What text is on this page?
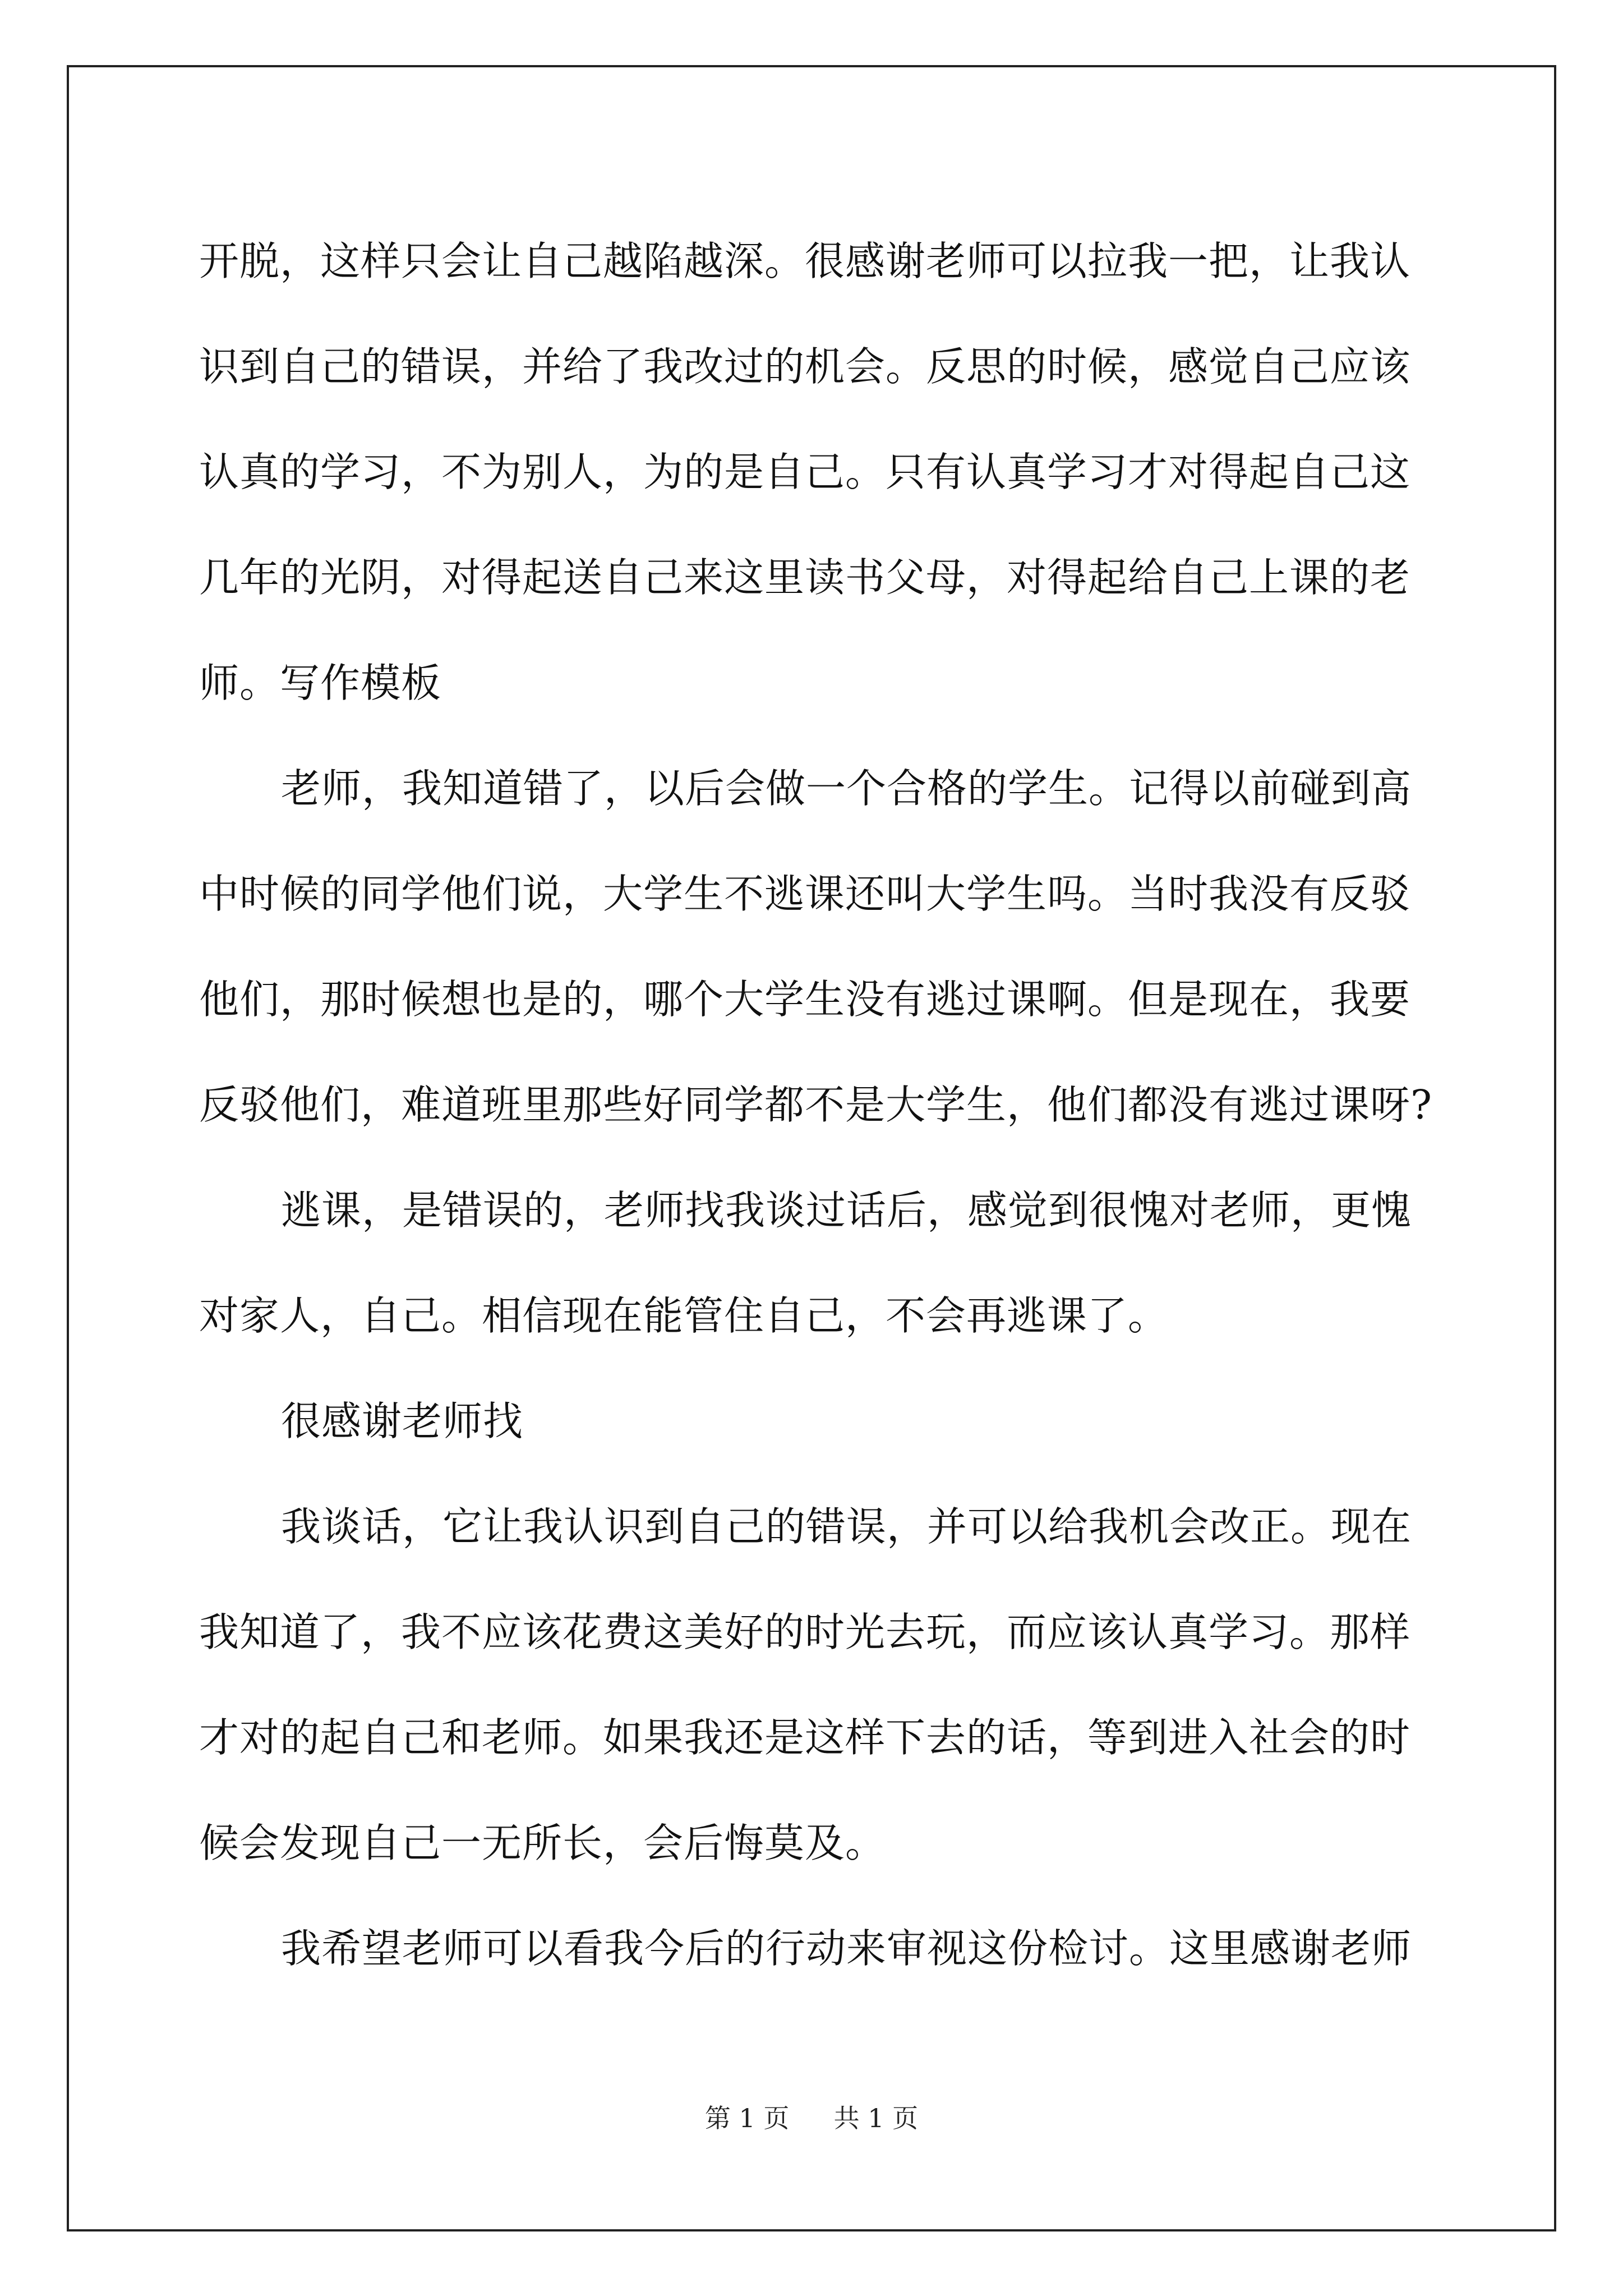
开脱，这样只会让自己越陷越深。很感谢老师可以拉我一把，让我认识到自己的错误，并给了我改过的机会。反思的时候，感觉自己应该认真的学习，不为别人，为的是自己。只有认真学习才对得起自己这几年的光阴，对得起送自己来这里读书父母，对得起给自己上课的老师。写作模板

老师，我知道错了，以后会做一个合格的学生。记得以前碰到高中时候的同学他们说，大学生不逃课还叫大学生吗。当时我没有反驳他们，那时候想也是的，哪个大学生没有逃过课啊。但是现在，我要反驳他们，难道班里那些好同学都不是大学生，他们都没有逃过课呀?

逃课，是错误的，老师找我谈过话后，感觉到很愧对老师，更愧对家人，自己。相信现在能管住自己，不会再逃课了。

很感谢老师找

我谈话，它让我认识到自己的错误，并可以给我机会改正。现在我知道了，我不应该花费这美好的时光去玩，而应该认真学习。那样才对的起自己和老师。如果我还是这样下去的话，等到进入社会的时候会发现自己一无所长，会后悔莫及。

我希望老师可以看我今后的行动来审视这份检讨。这里感谢老师

第 1 页 共 1 页
